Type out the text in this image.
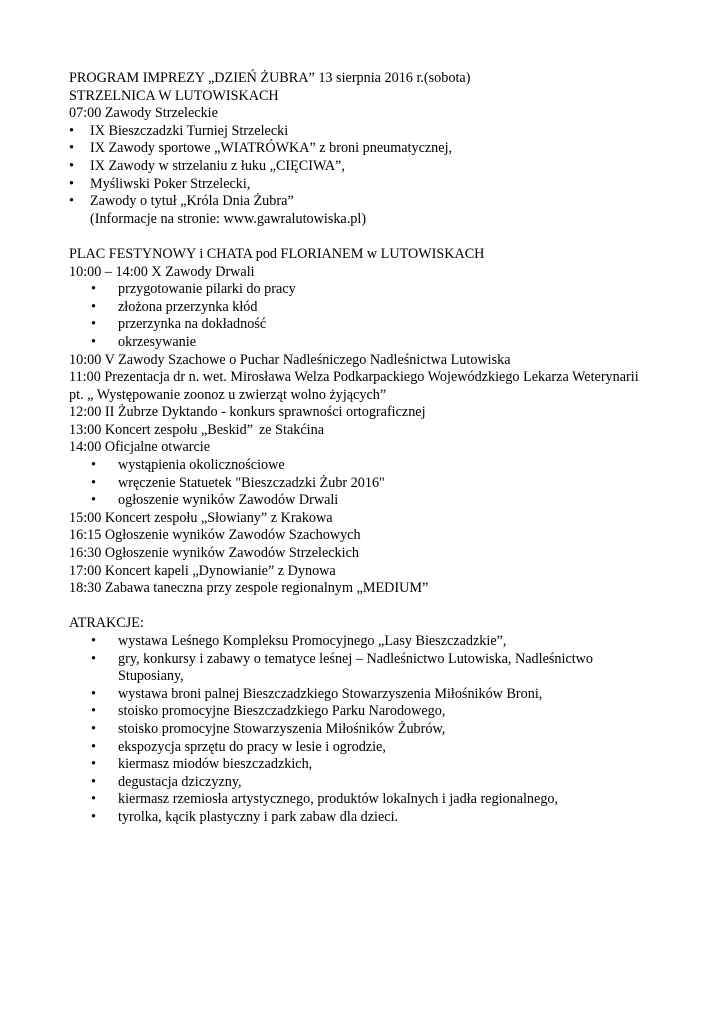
PROGRAM IMPREZY „DZIEŃ ŻUBRA” 13 sierpnia 2016 r.(sobota)
STRZELNICA W LUTOWISKACH
07:00 Zawody Strzeleckie
• IX Bieszczadzki Turniej Strzelecki
• IX Zawody sportowe „WIATRÓWKA” z broni pneumatycznej,
• IX Zawody w strzelaniu z łuku „CIĘCIWA”,
• Myśliwski Poker Strzelecki,
• Zawody o tytuł „Króla Dnia Żubra”
(Informacje na stronie: www.gawralutowiska.pl)
PLAC FESTYNOWY i CHATA pod FLORIANEM w LUTOWISKACH
10:00 – 14:00 X Zawody Drwali
• przygotowanie pilarki do pracy
• złożona przerzynka kłód
• przerzynka na dokładność
• okrzesywanie
10:00 V Zawody Szachowe o Puchar Nadleśniczego Nadleśnictwa Lutowiska
11:00 Prezentacja dr n. wet. Mirosława Welza Podkarpackiego Wojewódzkiego Lekarza Weterynarii
pt. „ Występowanie zoonoz u zwierząt wolno żyjących”
12:00 II Żubrze Dyktando - konkurs sprawności ortograficznej
13:00 Koncert zespołu „Beskid” ze Stakćina
14:00 Oficjalne otwarcie
• wystąpienia okolicznościowe
• wręczenie Statuetek "Bieszczadzki Żubr 2016"
• ogłoszenie wyników Zawodów Drwali
15:00 Koncert zespołu „Słowiany” z Krakowa
16:15 Ogłoszenie wyników Zawodów Szachowych
16:30 Ogłoszenie wyników Zawodów Strzeleckich
17:00 Koncert kapeli „Dynowianie” z Dynowa
18:30 Zabawa taneczna przy zespole regionalnym „MEDIUM”
ATRAKCJE:
• wystawa Leśnego Kompleksu Promocyjnego „Lasy Bieszczadzkie”,
• gry, konkursy i zabawy o tematyce leśnej – Nadleśnictwo Lutowiska, Nadleśnictwo Stuposiany,
• wystawa broni palnej Bieszczadzkiego Stowarzyszenia Miłośników Broni,
• stoisko promocyjne Bieszczadzkiego Parku Narodowego,
• stoisko promocyjne Stowarzyszenia Miłośników Żubrów,
• ekspozycja sprzętu do pracy w lesie i ogrodzie,
• kiermasz miodów bieszczadzkich,
• degustacja dziczyzny,
• kiermasz rzemiosła artystycznego, produktów lokalnych i jadła regionalnego,
• tyrolka, kącik plastyczny i park zabaw dla dzieci.
